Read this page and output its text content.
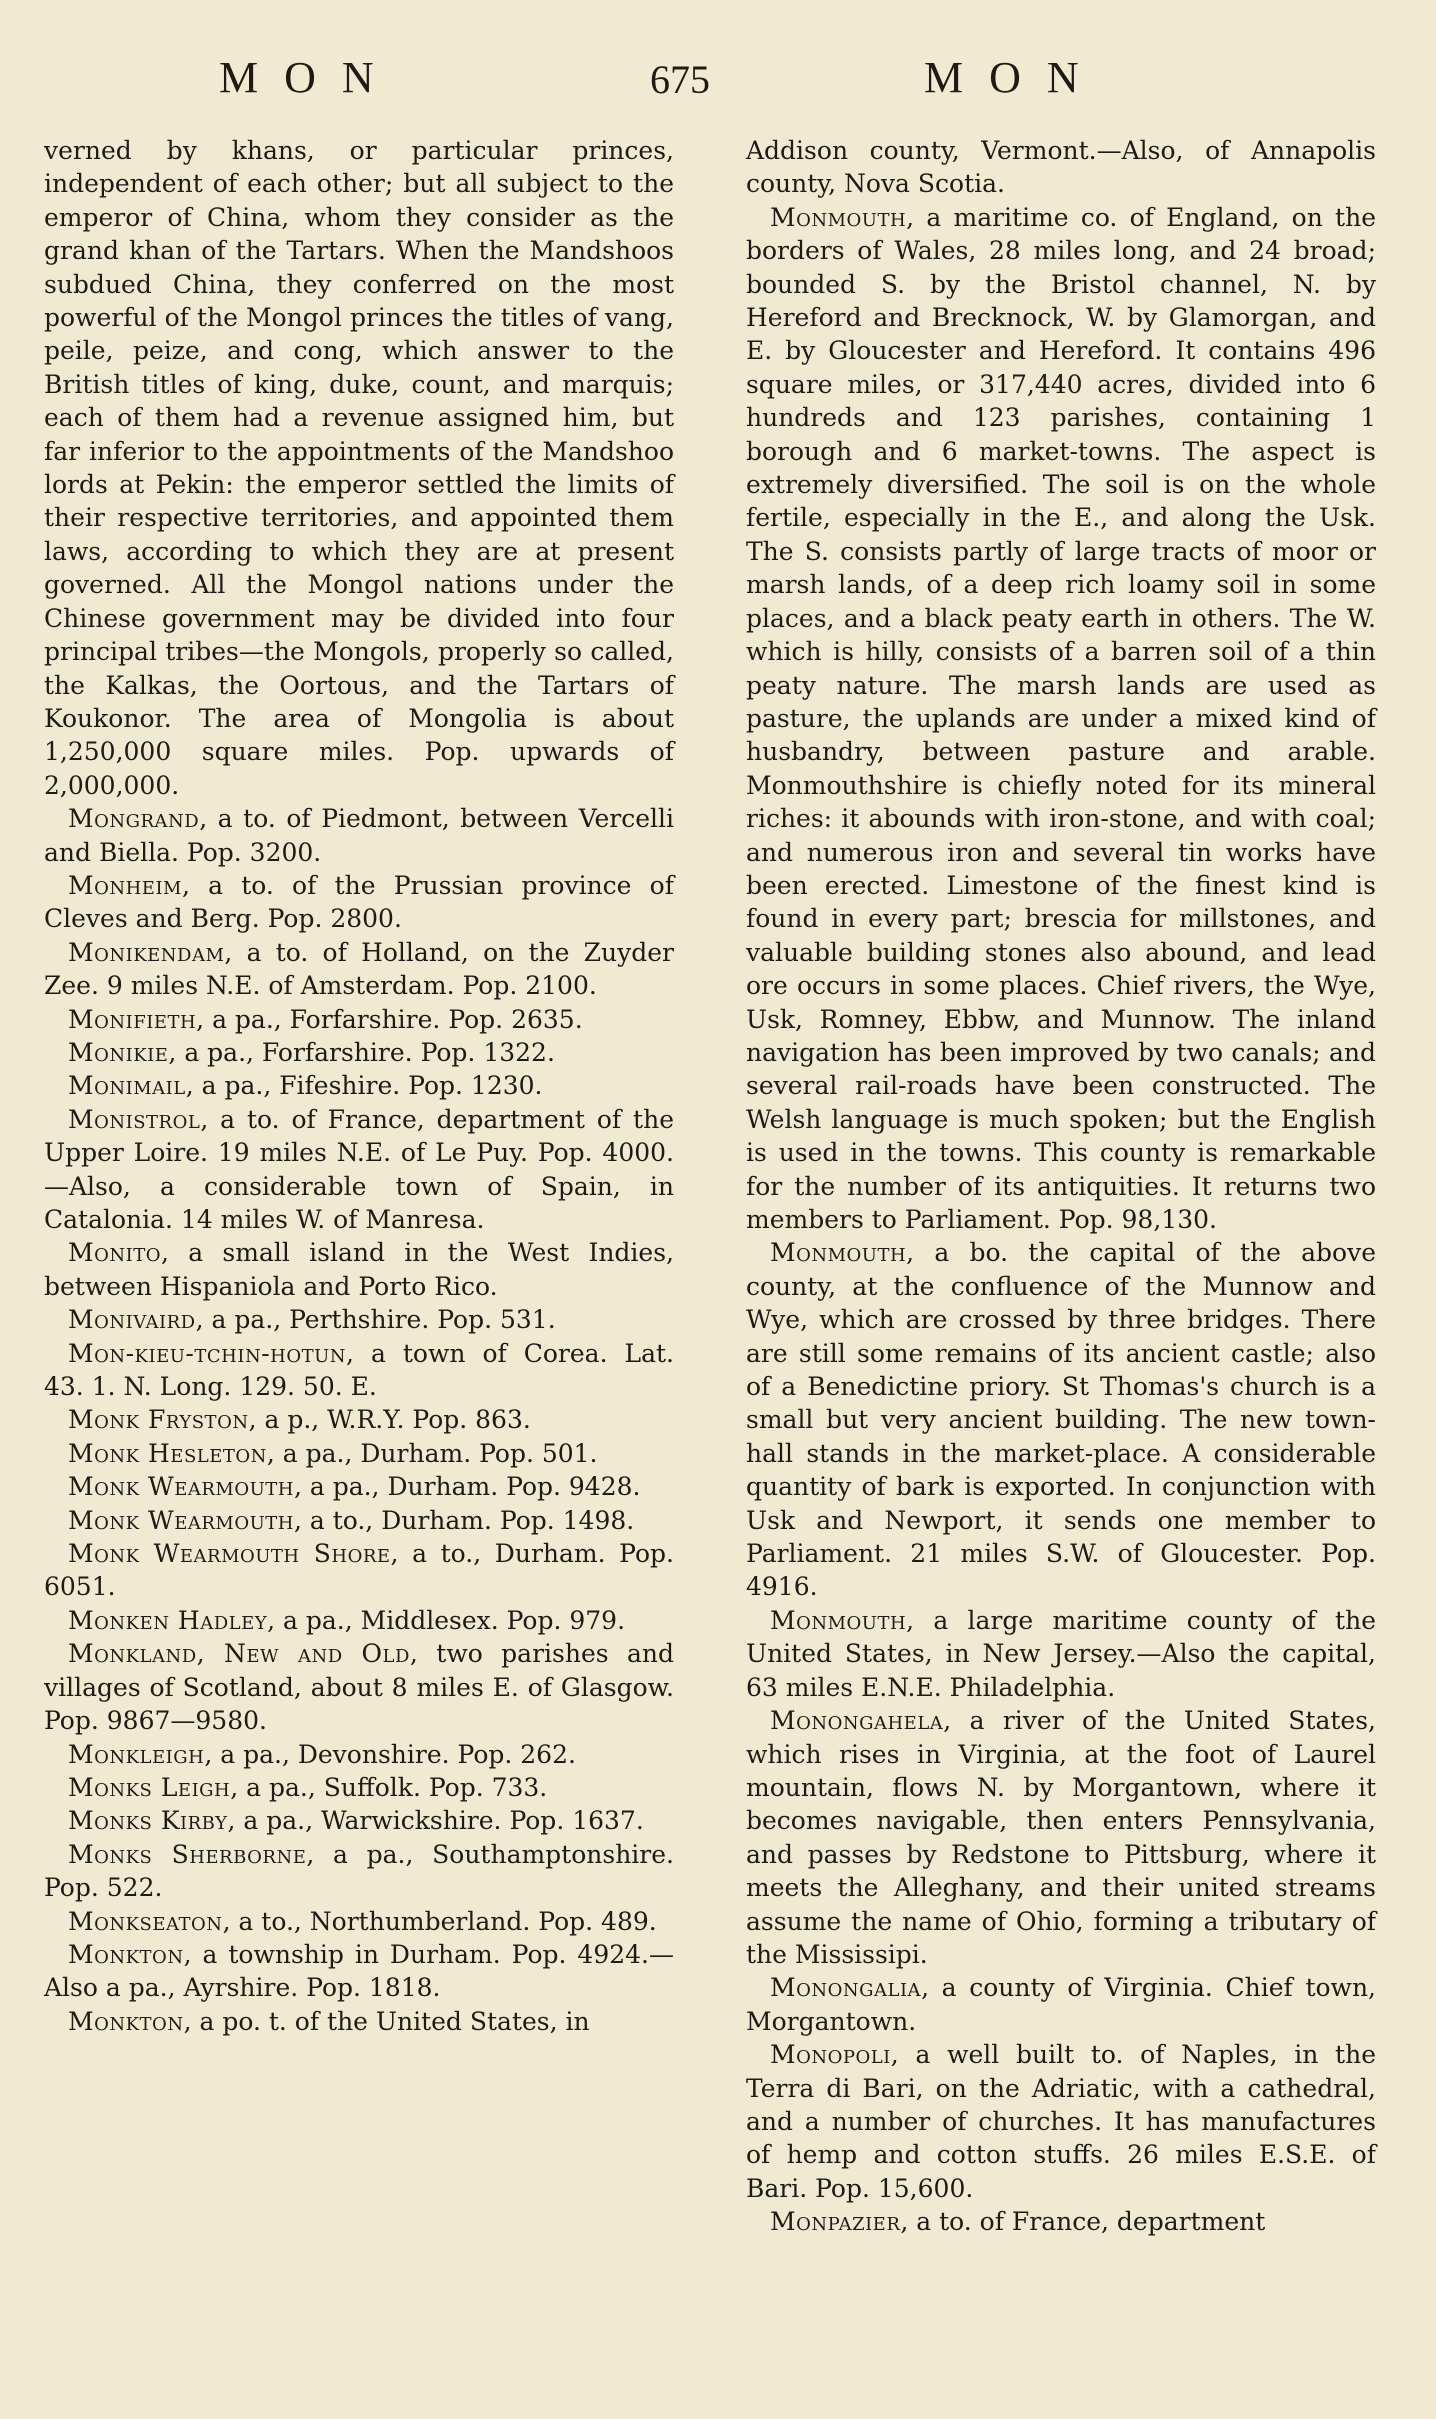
MON	675	MON

verned by khans, or particular princes, independent of each other; but all subject to the emperor of China, whom they consider as the grand khan of the Tartars. When the Mandshoos subdued China, they conferred on the most powerful of the Mongol princes the titles of vang, peile, peize, and cong, which answer to the British titles of king, duke, count, and marquis; each of them had a revenue assigned him, but far inferior to the appointments of the Mandshoo lords at Pekin: the emperor settled the limits of their respective territories, and appointed them laws, according to which they are at present governed. All the Mongol nations under the Chinese government may be divided into four principal tribes—the Mongols, properly so called, the Kalkas, the Oortous, and the Tartars of Koukonor. The area of Mongolia is about 1,250,000 square miles. Pop. upwards of 2,000,000.

Mongrand, a to. of Piedmont, between Vercelli and Biella. Pop. 3200.

Monheim, a to. of the Prussian province of Cleves and Berg. Pop. 2800.

Monikendam, a to. of Holland, on the Zuyder Zee. 9 miles N.E. of Amsterdam. Pop. 2100.

Monifieth, a pa., Forfarshire. Pop. 2635.

Monikie, a pa., Forfarshire. Pop. 1322.

Monimail, a pa., Fifeshire. Pop. 1230.

Monistrol, a to. of France, department of the Upper Loire. 19 miles N.E. of Le Puy. Pop. 4000.—Also, a considerable town of Spain, in Catalonia. 14 miles W. of Manresa.

Monito, a small island in the West Indies, between Hispaniola and Porto Rico.

Monivaird, a pa., Perthshire. Pop. 531.

Mon-kieu-tchin-hotun, a town of Corea. Lat. 43. 1. N. Long. 129. 50. E.

Monk Fryston, a p., W.R.Y. Pop. 863.

Monk Hesleton, a pa., Durham. Pop. 501.

Monk Wearmouth, a pa., Durham. Pop. 9428.

Monk Wearmouth, a to., Durham. Pop. 1498.

Monk Wearmouth Shore, a to., Durham. Pop. 6051.

Monken Hadley, a pa., Middlesex. Pop. 979.

Monkland, New and Old, two parishes and villages of Scotland, about 8 miles E. of Glasgow. Pop. 9867—9580.

Monkleigh, a pa., Devonshire. Pop. 262.

Monks Leigh, a pa., Suffolk. Pop. 733.

Monks Kirby, a pa., Warwickshire. Pop. 1637.

Monks Sherborne, a pa., Southamptonshire. Pop. 522.

Monkseaton, a to., Northumberland. Pop. 489.

Monkton, a township in Durham. Pop. 4924.—Also a pa., Ayrshire. Pop. 1818.

Monkton, a po. t. of the United States, in

Addison county, Vermont.—Also, of Annapolis county, Nova Scotia.

Monmouth, a maritime co. of England, on the borders of Wales, 28 miles long, and 24 broad; bounded S. by the Bristol channel, N. by Hereford and Brecknock, W. by Glamorgan, and E. by Gloucester and Hereford. It contains 496 square miles, or 317,440 acres, divided into 6 hundreds and 123 parishes, containing 1 borough and 6 market-towns. The aspect is extremely diversified. The soil is on the whole fertile, especially in the E., and along the Usk. The S. consists partly of large tracts of moor or marsh lands, of a deep rich loamy soil in some places, and a black peaty earth in others. The W. which is hilly, consists of a barren soil of a thin peaty nature. The marsh lands are used as pasture, the uplands are under a mixed kind of husbandry, between pasture and arable. Monmouthshire is chiefly noted for its mineral riches: it abounds with iron-stone, and with coal; and numerous iron and several tin works have been erected. Limestone of the finest kind is found in every part; brescia for millstones, and valuable building stones also abound, and lead ore occurs in some places. Chief rivers, the Wye, Usk, Romney, Ebbw, and Munnow. The inland navigation has been improved by two canals; and several rail-roads have been constructed. The Welsh language is much spoken; but the English is used in the towns. This county is remarkable for the number of its antiquities. It returns two members to Parliament. Pop. 98,130.

Monmouth, a bo. the capital of the above county, at the confluence of the Munnow and Wye, which are crossed by three bridges. There are still some remains of its ancient castle; also of a Benedictine priory. St Thomas's church is a small but very ancient building. The new town-hall stands in the market-place. A considerable quantity of bark is exported. In conjunction with Usk and Newport, it sends one member to Parliament. 21 miles S.W. of Gloucester. Pop. 4916.

Monmouth, a large maritime county of the United States, in New Jersey.—Also the capital, 63 miles E.N.E. Philadelphia.

Monongahela, a river of the United States, which rises in Virginia, at the foot of Laurel mountain, flows N. by Morgantown, where it becomes navigable, then enters Pennsylvania, and passes by Redstone to Pittsburg, where it meets the Alleghany, and their united streams assume the name of Ohio, forming a tributary of the Mississipi.

Monongalia, a county of Virginia. Chief town, Morgantown.

Monopoli, a well built to. of Naples, in the Terra di Bari, on the Adriatic, with a cathedral, and a number of churches. It has manufactures of hemp and cotton stuffs. 26 miles E.S.E. of Bari. Pop. 15,600.

Monpazier, a to. of France, department
